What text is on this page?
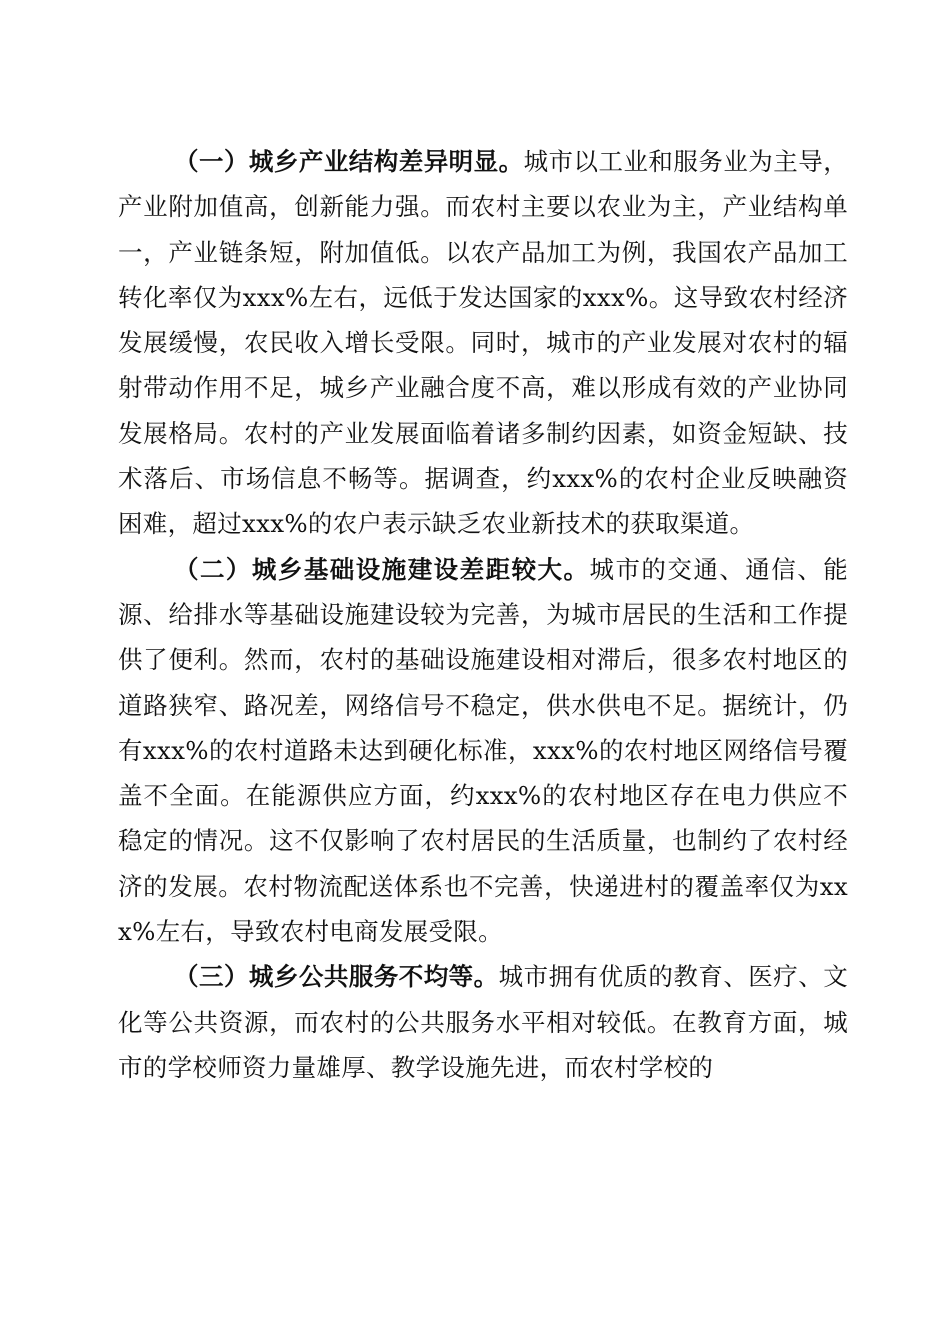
（一）城乡产业结构差异明显。城市以工业和服务业为主导，产业附加值高，创新能力强。而农村主要以农业为主，产业结构单一，产业链条短，附加值低。以农产品加工为例，我国农产品加工转化率仅为xxx%左右，远低于发达国家的xxx%。这导致农村经济发展缓慢，农民收入增长受限。同时，城市的产业发展对农村的辐射带动作用不足，城乡产业融合度不高，难以形成有效的产业协同发展格局。农村的产业发展面临着诸多制约因素，如资金短缺、技术落后、市场信息不畅等。据调查，约xxx%的农村企业反映融资困难，超过xxx%的农户表示缺乏农业新技术的获取渠道。

（二）城乡基础设施建设差距较大。城市的交通、通信、能源、给排水等基础设施建设较为完善，为城市居民的生活和工作提供了便利。然而，农村的基础设施建设相对滞后，很多农村地区的道路狭窄、路况差，网络信号不稳定，供水供电不足。据统计，仍有xxx%的农村道路未达到硬化标准，xxx%的农村地区网络信号覆盖不全面。在能源供应方面，约xxx%的农村地区存在电力供应不稳定的情况。这不仅影响了农村居民的生活质量，也制约了农村经济的发展。农村物流配送体系也不完善，快递进村的覆盖率仅为xxx%左右，导致农村电商发展受限。

（三）城乡公共服务不均等。城市拥有优质的教育、医疗、文化等公共资源，而农村的公共服务水平相对较低。在教育方面，城市的学校师资力量雄厚、教学设施先进，而农村学校的
